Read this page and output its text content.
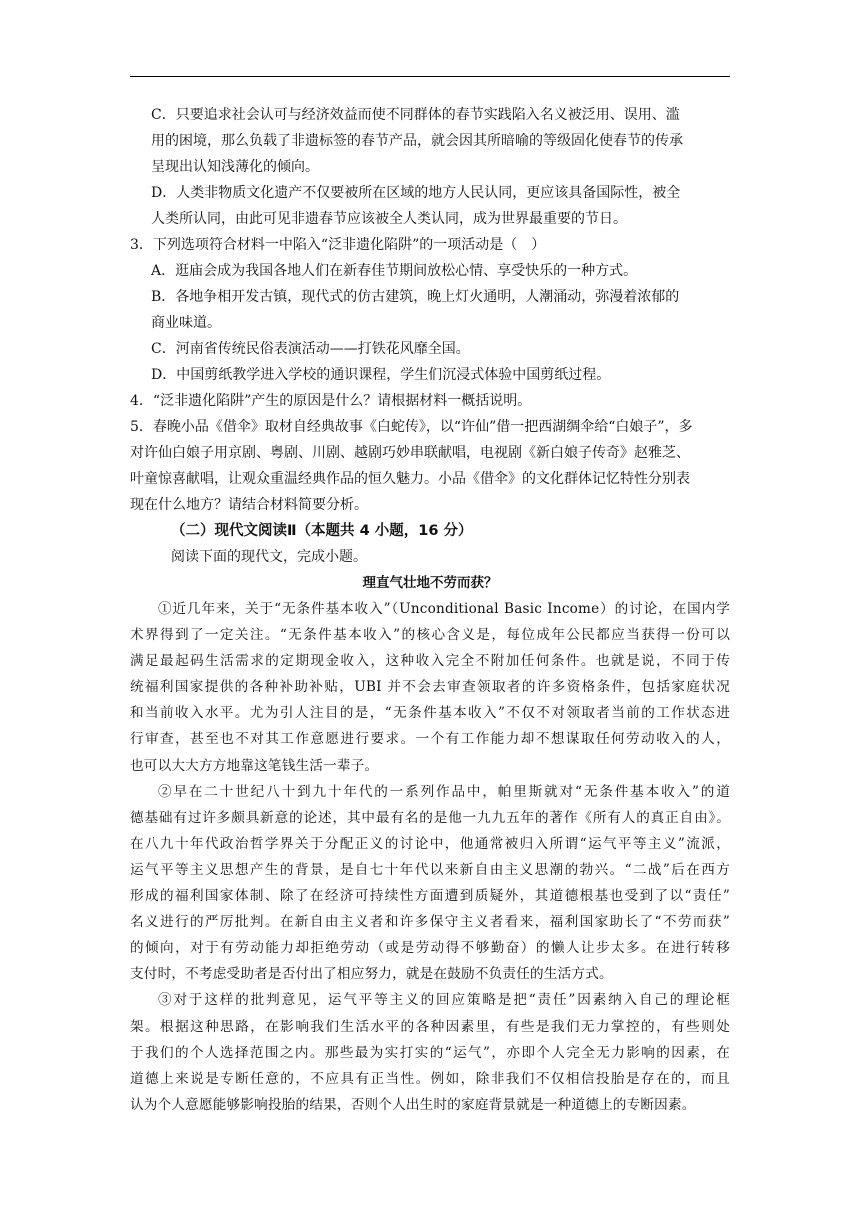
C．只要追求社会认可与经济效益而使不同群体的春节实践陷入名义被泛用、误用、滥
用的困境，那么负载了非遗标签的春节产品，就会因其所暗喻的等级固化使春节的传承
呈现出认知浅薄化的倾向。
D．人类非物质文化遗产不仅要被所在区域的地方人民认同，更应该具备国际性，被全
人类所认同，由此可见非遗春节应该被全人类认同，成为世界最重要的节日。
3．下列选项符合材料一中陷入“泛非遗化陷阱”的一项活动是（　）
A．逛庙会成为我国各地人们在新春佳节期间放松心情、享受快乐的一种方式。
B．各地争相开发古镇，现代式的仿古建筑，晚上灯火通明，人潮涌动，弥漫着浓郁的
商业味道。
C．河南省传统民俗表演活动——打铁花风靡全国。
D．中国剪纸教学进入学校的通识课程，学生们沉浸式体验中国剪纸过程。
4．“泛非遗化陷阱”产生的原因是什么？请根据材料一概括说明。
5．春晚小品《借伞》取材自经典故事《白蛇传》，以“许仙”借一把西湖绸伞给“白娘子”，多
对许仙白娘子用京剧、粤剧、川剧、越剧巧妙串联献唱，电视剧《新白娘子传奇》赵雅芝、
叶童惊喜献唱，让观众重温经典作品的恒久魅力。小品《借伞》的文化群体记忆特性分别表
现在什么地方？请结合材料简要分析。
（二）现代文阅读Ⅱ（本题共 4 小题，16 分）
阅读下面的现代文，完成小题。
理直气壮地不劳而获？
①近几年来，关于“无条件基本收入”（Unconditional Basic Income）的讨论，在国内学
术界得到了一定关注。“无条件基本收入”的核心含义是，每位成年公民都应当获得一份可以
满足最起码生活需求的定期现金收入，这种收入完全不附加任何条件。也就是说，不同于传
统福利国家提供的各种补助补贴，UBI 并不会去审查领取者的许多资格条件，包括家庭状况
和当前收入水平。尤为引人注目的是，“无条件基本收入”不仅不对领取者当前的工作状态进
行审查，甚至也不对其工作意愿进行要求。一个有工作能力却不想谋取任何劳动收入的人，
也可以大大方方地靠这笔钱生活一辈子。
②早在二十世纪八十到九十年代的一系列作品中，帕里斯就对“无条件基本收入”的道
德基础有过许多颇具新意的论述，其中最有名的是他一九九五年的著作《所有人的真正自由》。
在八九十年代政治哲学界关于分配正义的讨论中，他通常被归入所谓“运气平等主义”流派，
运气平等主义思想产生的背景，是自七十年代以来新自由主义思潮的勃兴。“二战”后在西方
形成的福利国家体制、除了在经济可持续性方面遭到质疑外，其道德根基也受到了以“责任”
名义进行的严厉批判。在新自由主义者和许多保守主义者看来，福利国家助长了“不劳而获”
的倾向，对于有劳动能力却拒绝劳动（或是劳动得不够勤奋）的懒人让步太多。在进行转移
支付时，不考虑受助者是否付出了相应努力，就是在鼓励不负责任的生活方式。
③对于这样的批判意见，运气平等主义的回应策略是把“责任”因素纳入自己的理论框
架。根据这种思路，在影响我们生活水平的各种因素里，有些是我们无力掌控的，有些则处
于我们的个人选择范围之内。那些最为实打实的“运气”，亦即个人完全无力影响的因素，在
道德上来说是专断任意的，不应具有正当性。例如，除非我们不仅相信投胎是存在的，而且
认为个人意愿能够影响投胎的结果，否则个人出生时的家庭背景就是一种道德上的专断因素。
